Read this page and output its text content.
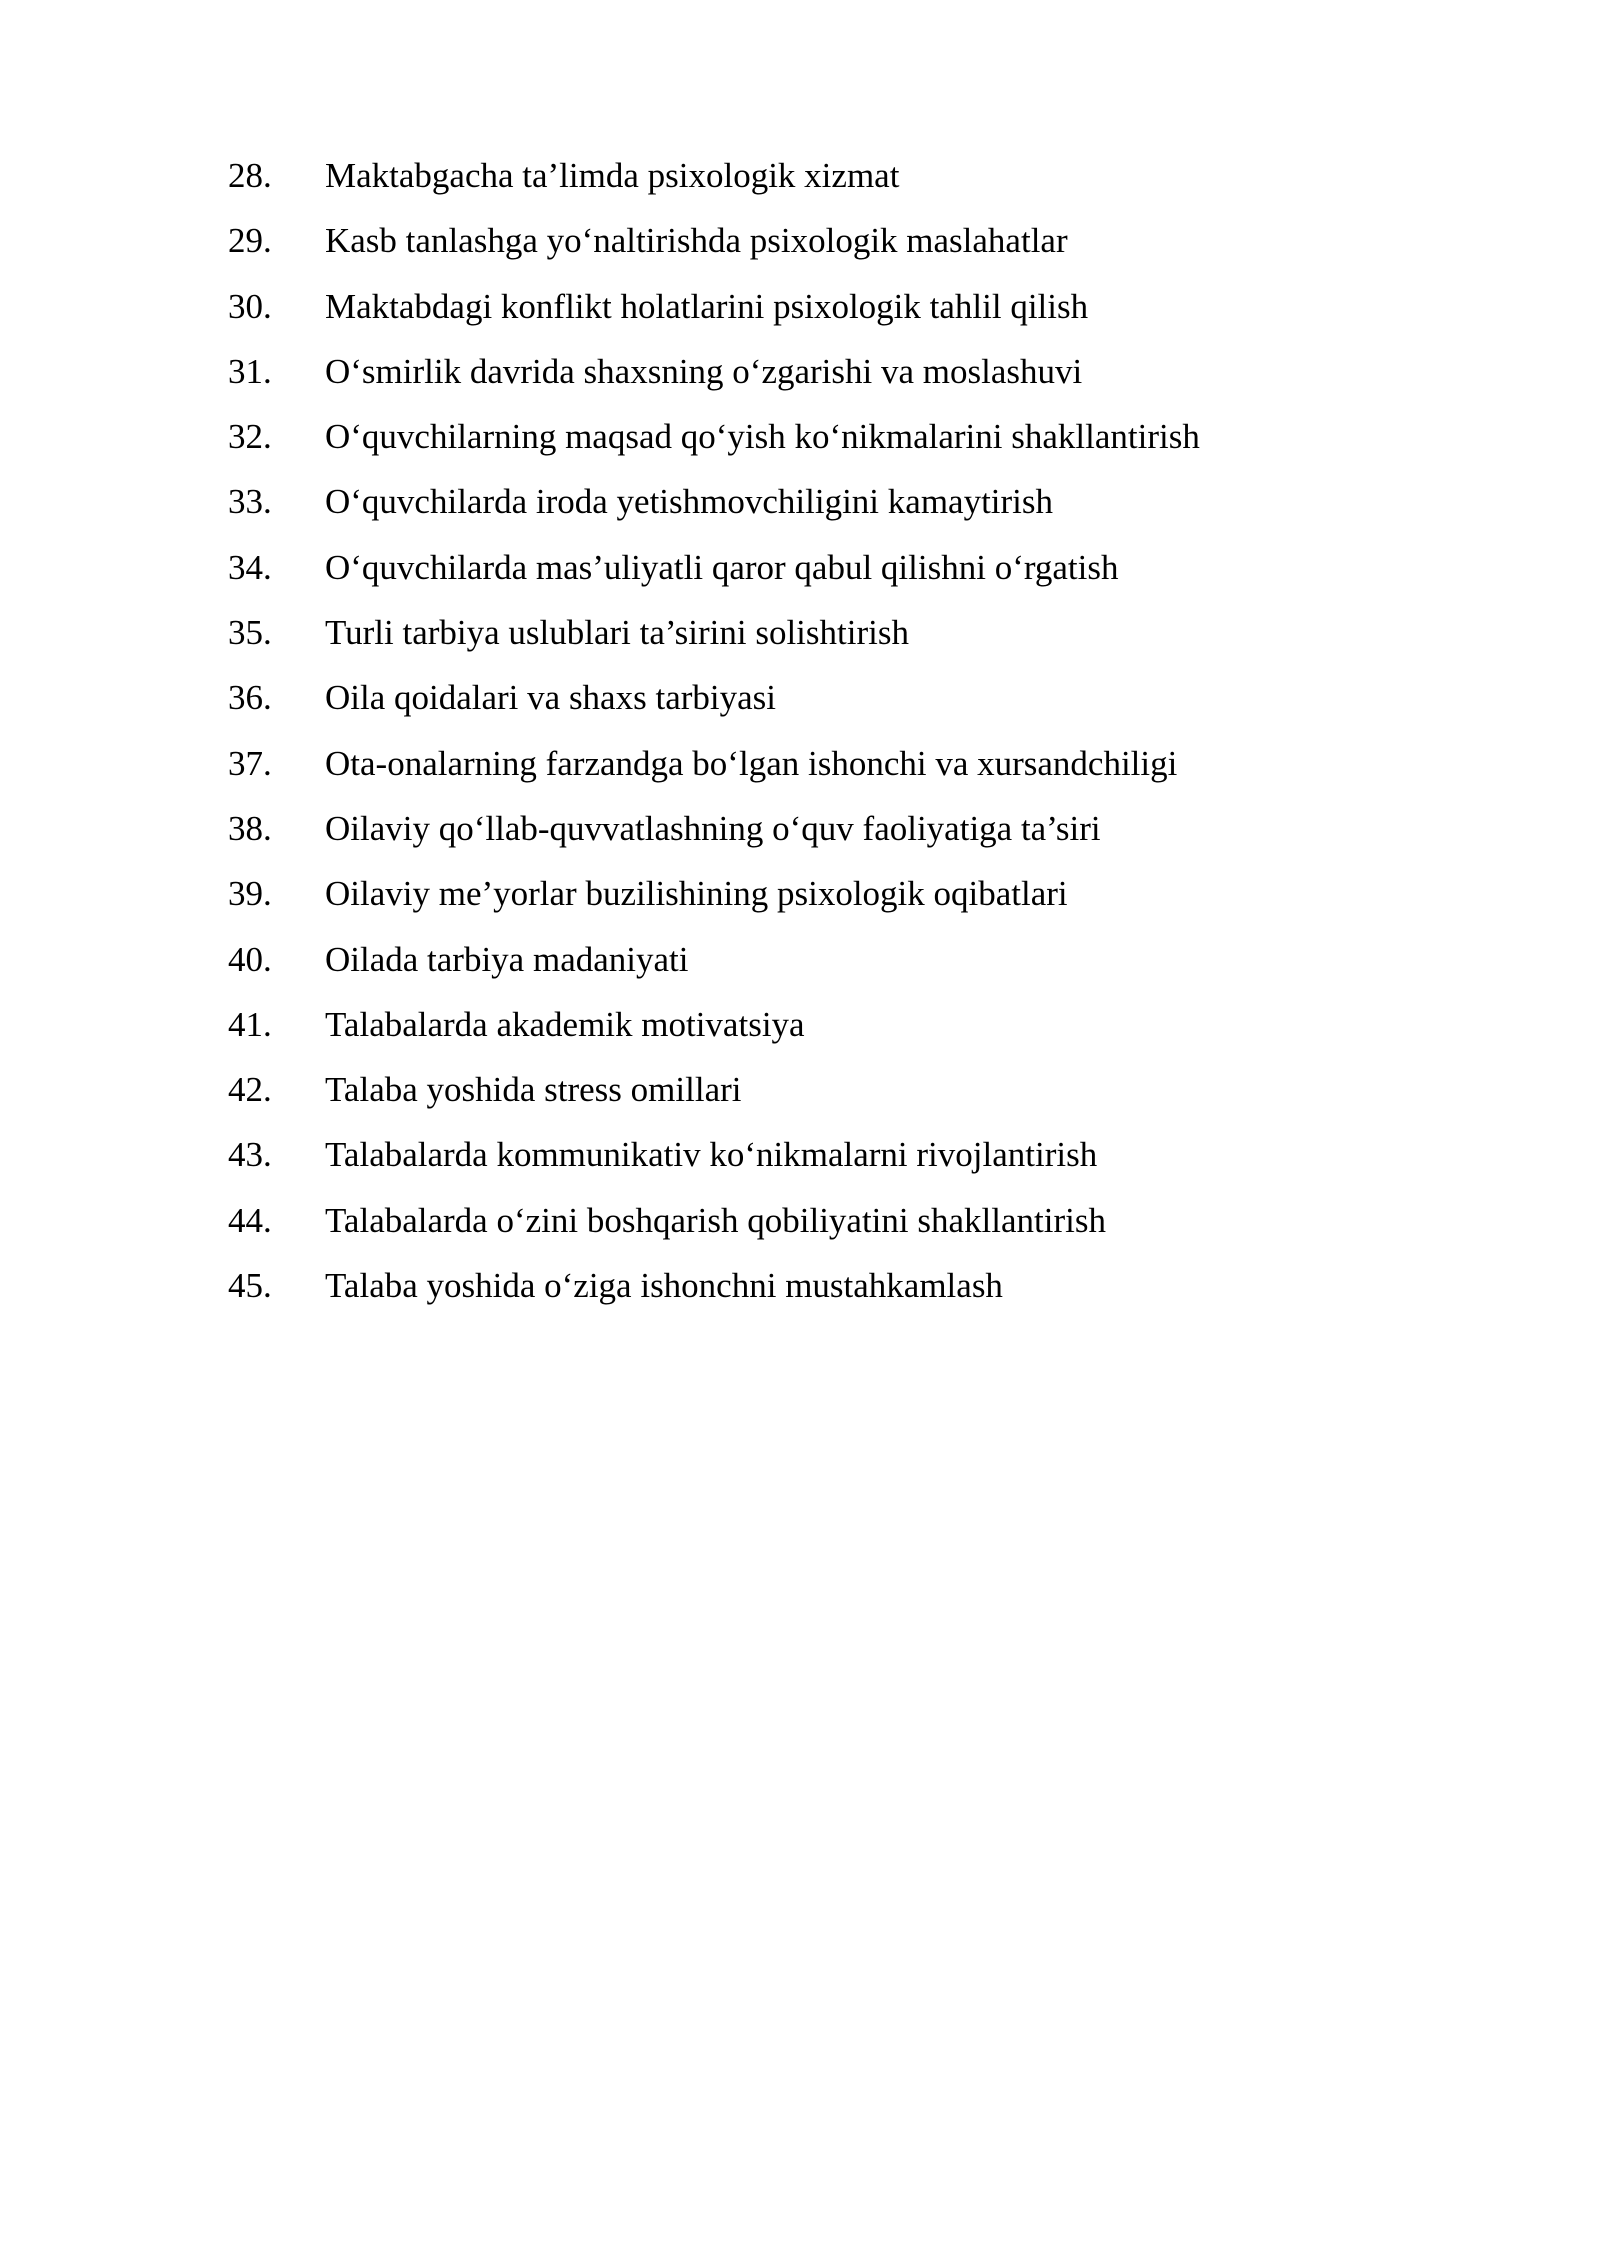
28.	Maktabgacha ta’limda psixologik xizmat
29.	Kasb tanlashga yo‘naltirishda psixologik maslahatlar
30.	Maktabdagi konflikt holatlarini psixologik tahlil qilish
31.	O‘smirlik davrida shaxsning o‘zgarishi va moslashuvi
32.	O‘quvchilarning maqsad qo‘yish ko‘nikmalarini shakllantirish
33.	O‘quvchilarda iroda yetishmovchiligini kamaytirish
34.	O‘quvchilarda mas’uliyatli qaror qabul qilishni o‘rgatish
35.	Turli tarbiya uslublari ta’sirini solishtirish
36.	Oila qoidalari va shaxs tarbiyasi
37.	Ota-onalarning farzandga bo‘lgan ishonchi va xursandchiligi
38.	Oilaviy qo‘llab-quvvatlashning o‘quv faoliyatiga ta’siri
39.	Oilaviy me’yorlar buzilishining psixologik oqibatlari
40.	Oilada tarbiya madaniyati
41.	Talabalarda akademik motivatsiya
42.	Talaba yoshida stress omillari
43.	Talabalarda kommunikativ ko‘nikmalarni rivojlantirish
44.	Talabalarda o‘zini boshqarish qobiliyatini shakllantirish
45.	Talaba yoshida o‘ziga ishonchni mustahkamlash
